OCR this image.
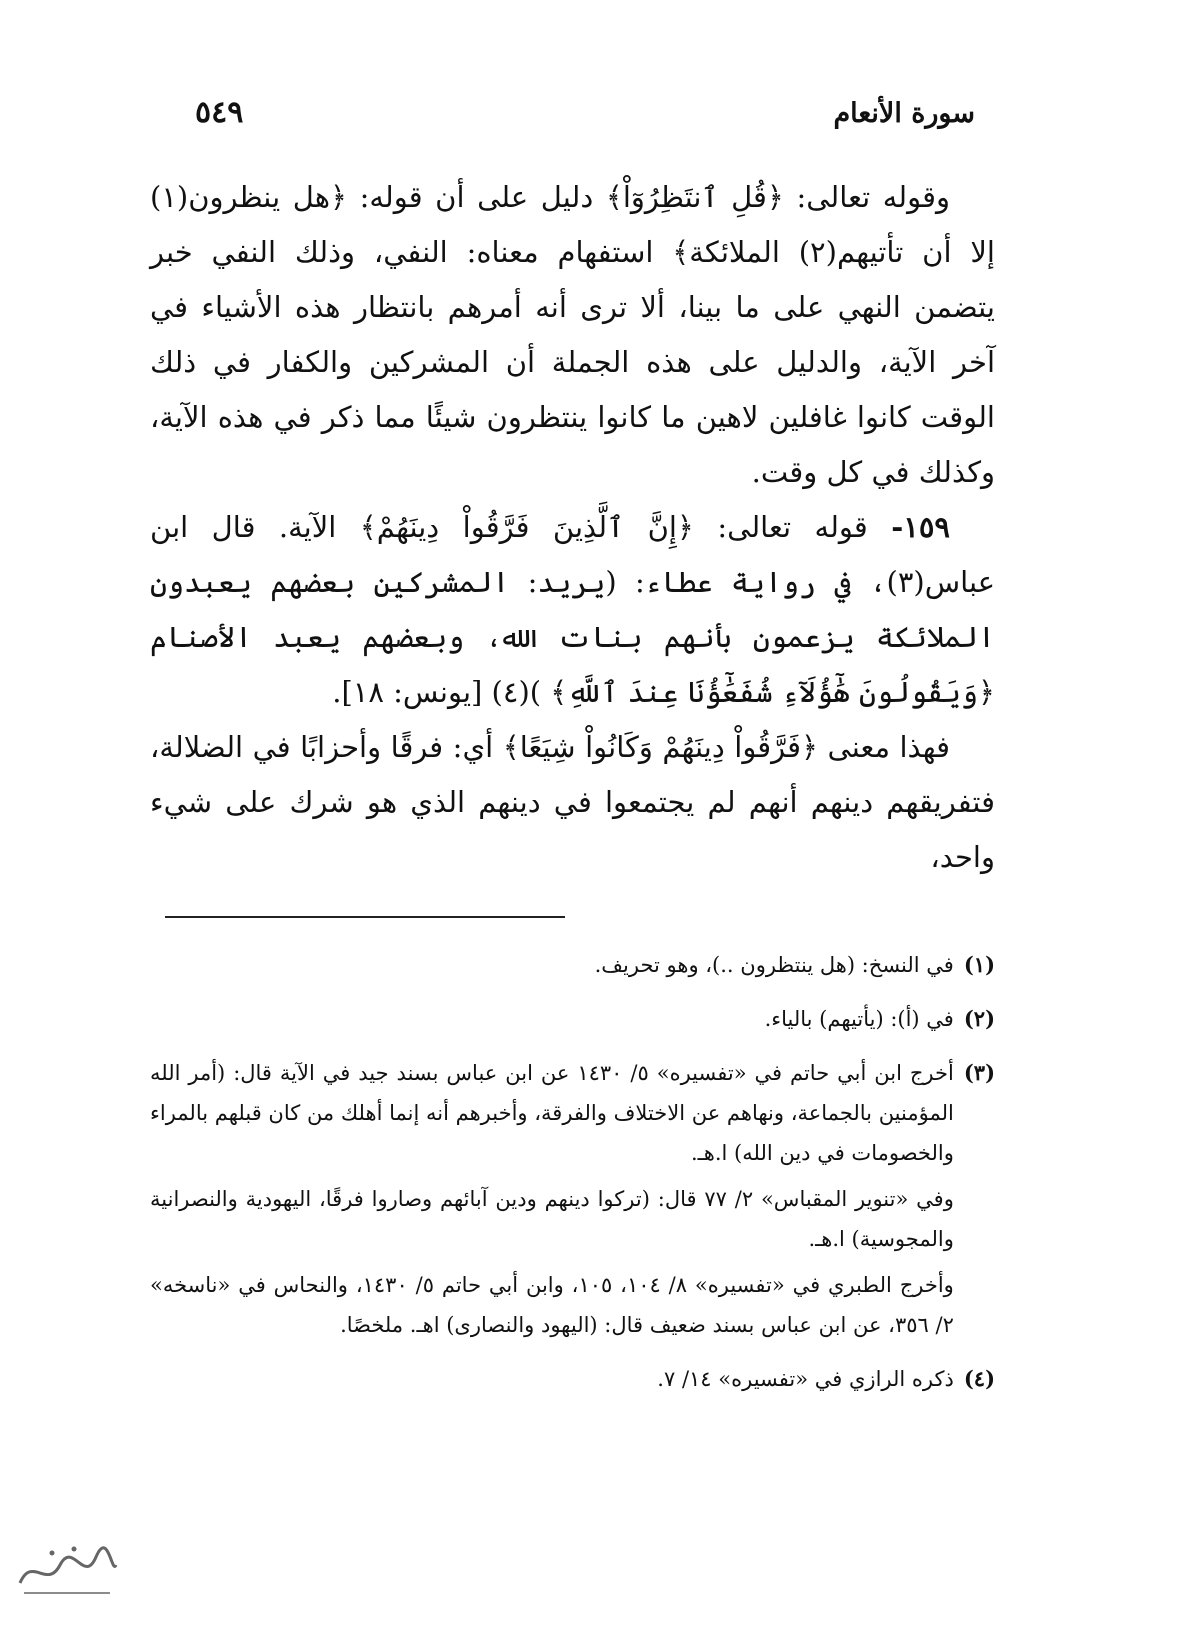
سورة الأنعام
٥٤٩

وقوله تعالى: ﴿قُلِ ٱنتَظِرُوٓاْ﴾ دليل على أن قوله: ﴿هل ينظرون(١) إلا أن تأتيهم(٢) الملائكة﴾ استفهام معناه: النفي، وذلك النفي خبر يتضمن النهي على ما بينا، ألا ترى أنه أمرهم بانتظار هذه الأشياء في آخر الآية، والدليل على هذه الجملة أن المشركين والكفار في ذلك الوقت كانوا غافلين لاهين ما كانوا ينتظرون شيئًا مما ذكر في هذه الآية، وكذلك في كل وقت.

١٥٩- قوله تعالى: ﴿إِنَّ ٱلَّذِينَ فَرَّقُواْ دِينَهُمْ﴾ الآية. قال ابن عباس(٣)، في رواية عطاء: (يريد: المشركين بعضهم يعبدون الملائكة يزعمون بأنهم بنات الله، وبعضهم يعبد الأصنام ﴿وَيَقُولُونَ هَٰٓؤُلَآءِ شُفَعَٰٓؤُنَا عِندَ ٱللَّهِ﴾ )(٤) [يونس: ١٨].

فهذا معنى ﴿فَرَّقُواْ دِينَهُمْ وَكَانُواْ شِيَعًا﴾ أي: فرقًا وأحزابًا في الضلالة، فتفريقهم دينهم أنهم لم يجتمعوا في دينهم الذي هو شرك على شيء واحد،

(١)

في النسخ: (هل ينتظرون ..)، وهو تحريف.

(٢)

في (أ): (يأتيهم) بالياء.

(٣)

أخرج ابن أبي حاتم في «تفسيره» ٥/ ١٤٣٠ عن ابن عباس بسند جيد في الآية قال: (أمر الله المؤمنين بالجماعة، ونهاهم عن الاختلاف والفرقة، وأخبرهم أنه إنما أهلك من كان قبلهم بالمراء والخصومات في دين الله) ا.هـ.

وفي «تنوير المقباس» ٢/ ٧٧ قال: (تركوا دينهم ودين آبائهم وصاروا فرقًا، اليهودية والنصرانية والمجوسية) ا.هـ.

وأخرج الطبري في «تفسيره» ٨/ ١٠٤، ١٠٥، وابن أبي حاتم ٥/ ١٤٣٠، والنحاس في «ناسخه» ٢/ ٣٥٦، عن ابن عباس بسند ضعيف قال: (اليهود والنصارى) اهـ. ملخصًا.

(٤)

ذكره الرازي في «تفسيره» ١٤/ ٧.
